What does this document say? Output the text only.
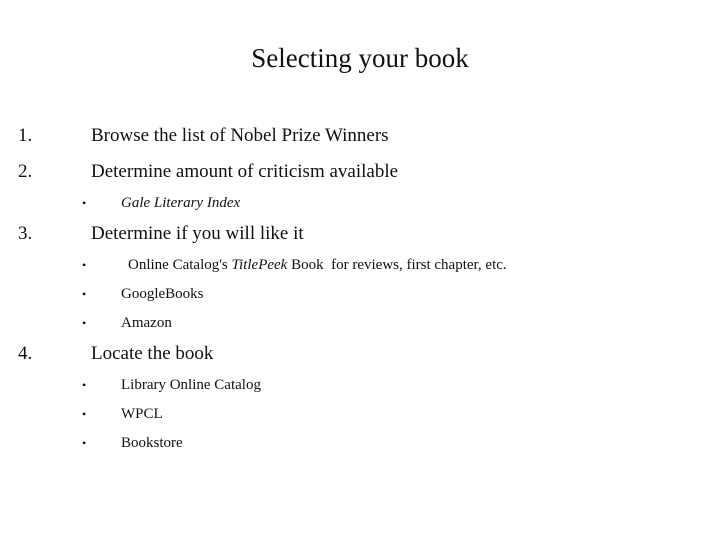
Selecting your book
1.	Browse the list of Nobel Prize Winners
2.	Determine amount of criticism available
• Gale Literary Index
3.	Determine if you will like it
•	Online Catalog's TitlePeek Book  for reviews, first chapter, etc.
• GoogleBooks
• Amazon
4.	Locate the book
• Library Online Catalog
• WPCL
• Bookstore
